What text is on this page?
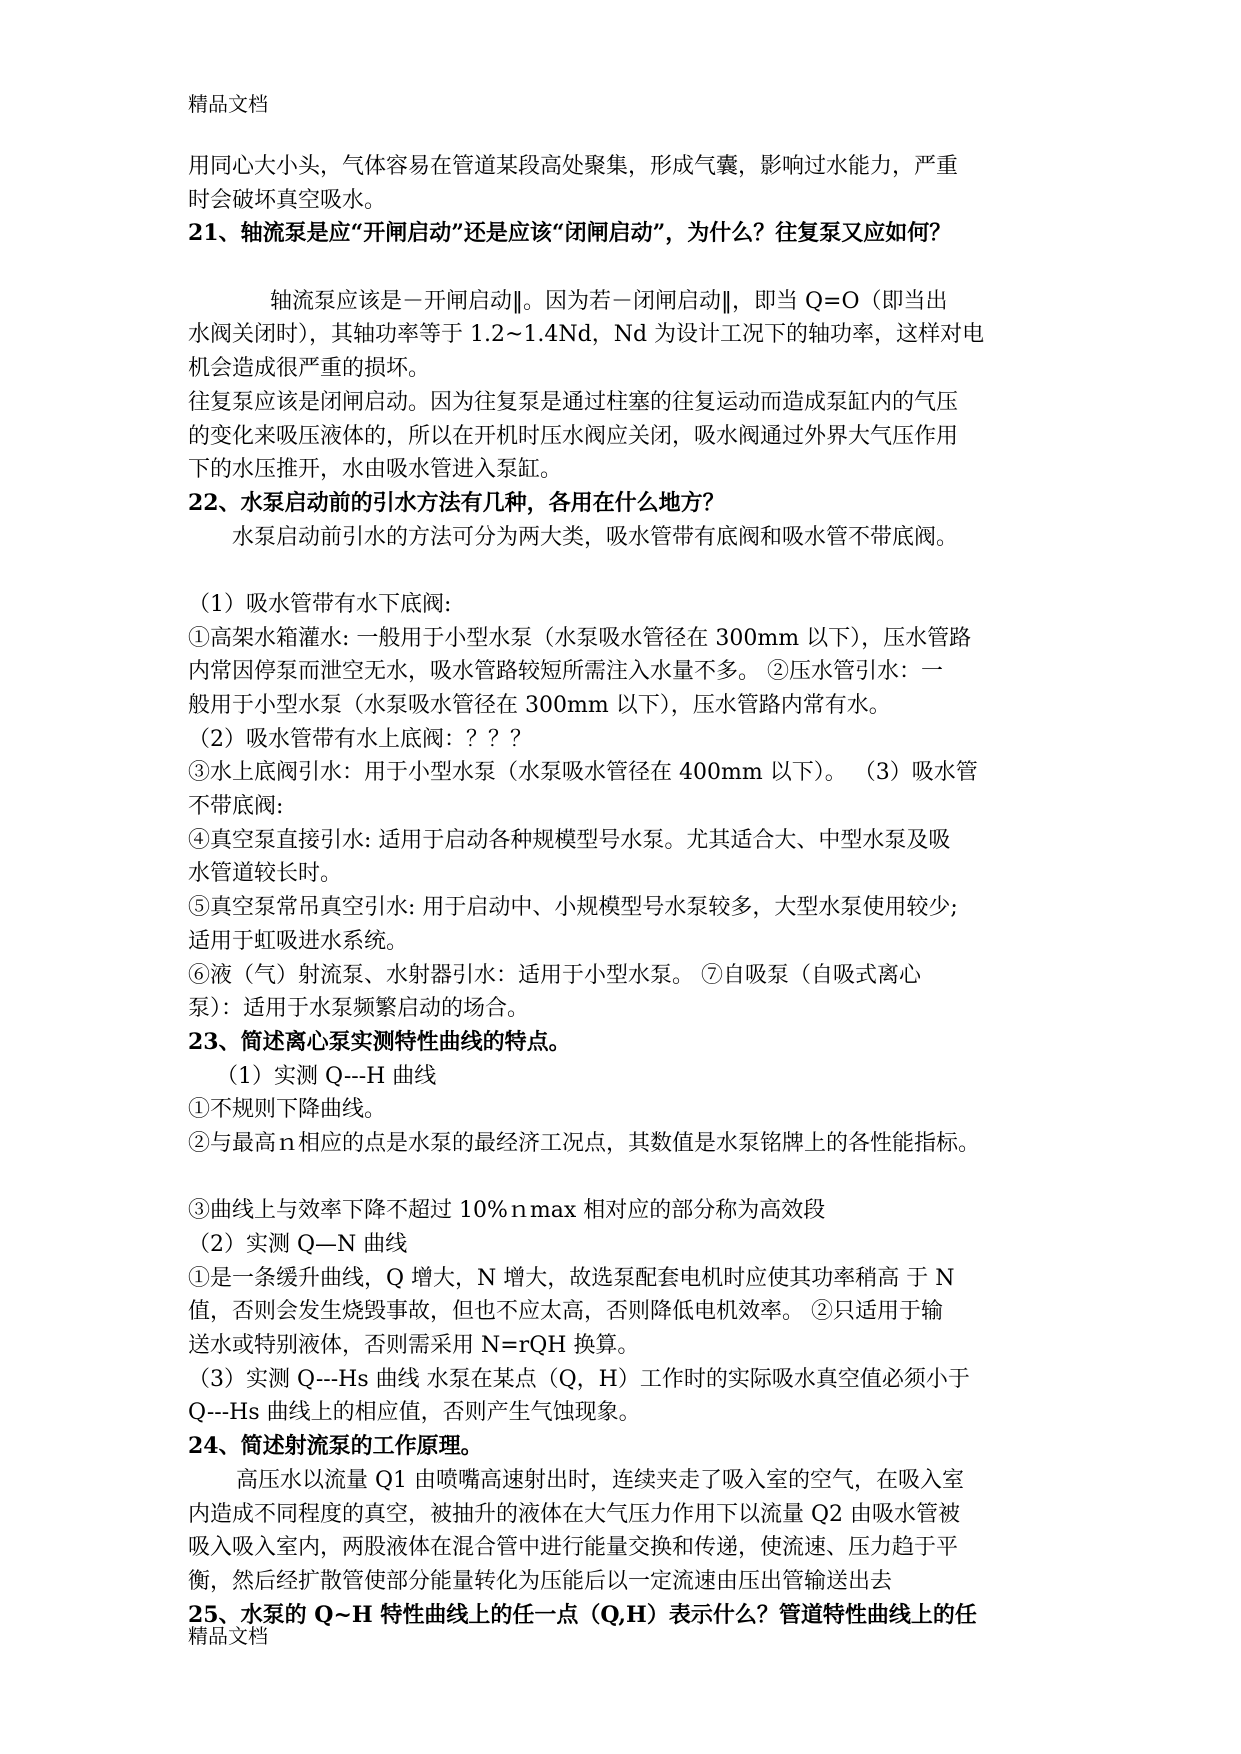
精品文档
用同心大小头，气体容易在管道某段高处聚集，形成气囊，影响过水能力，严重
时会破坏真空吸水。
21、轴流泵是应“开闸启动”还是应该“闭闸启动”，为什么？往复泵又应如何？
轴流泵应该是－开闸启动‖。因为若－闭闸启动‖，即当 Q=O（即当出
水阀关闭时），其轴功率等于 1.2~1.4Nd，Nd 为设计工况下的轴功率，这样对电
机会造成很严重的损坏。
往复泵应该是闭闸启动。因为往复泵是通过柱塞的往复运动而造成泵缸内的气压
的变化来吸压液体的，所以在开机时压水阀应关闭，吸水阀通过外界大气压作用
下的水压推开，水由吸水管进入泵缸。
22、水泵启动前的引水方法有几种，各用在什么地方？
水泵启动前引水的方法可分为两大类，吸水管带有底阀和吸水管不带底阀。
（1）吸水管带有水下底阀:
①高架水箱灌水: 一般用于小型水泵（水泵吸水管径在 300mm 以下），压水管路
内常因停泵而泄空无水，吸水管路较短所需注入水量不多。 ②压水管引水：一
般用于小型水泵（水泵吸水管径在 300mm 以下），压水管路内常有水。
（2）吸水管带有水上底阀：？？？
③水上底阀引水：用于小型水泵（水泵吸水管径在 400mm 以下）。 （3）吸水管
不带底阀:
④真空泵直接引水: 适用于启动各种规模型号水泵。尤其适合大、中型水泵及吸
水管道较长时。
⑤真空泵常吊真空引水: 用于启动中、小规模型号水泵较多，大型水泵使用较少;
适用于虹吸进水系统。
⑥液（气）射流泵、水射器引水：适用于小型水泵。 ⑦自吸泵（自吸式离心
泵）：适用于水泵频繁启动的场合。
23、简述离心泵实测特性曲线的特点。
（1）实测 Q---H 曲线
①不规则下降曲线。
②与最高ｎ相应的点是水泵的最经济工况点，其数值是水泵铭牌上的各性能指标。
③曲线上与效率下降不超过 10%ｎmax 相对应的部分称为高效段
（2）实测 Q—N 曲线
①是一条缓升曲线，Q 增大，N 增大，故选泵配套电机时应使其功率稍高 于 N
值，否则会发生烧毁事故，但也不应太高，否则降低电机效率。 ②只适用于输
送水或特别液体，否则需采用 N=rQH 换算。
（3）实测 Q---Hs 曲线 水泵在某点（Q，H）工作时的实际吸水真空值必须小于
Q---Hs 曲线上的相应值，否则产生气蚀现象。
24、简述射流泵的工作原理。
高压水以流量 Q1 由喷嘴高速射出时，连续夹走了吸入室的空气，在吸入室
内造成不同程度的真空，被抽升的液体在大气压力作用下以流量 Q2 由吸水管被
吸入吸入室内，两股液体在混合管中进行能量交换和传递，使流速、压力趋于平
衡，然后经扩散管使部分能量转化为压能后以一定流速由压出管输送出去
25、水泵的 Q~H 特性曲线上的任一点（Q,H）表示什么？管道特性曲线上的任
精品文档
